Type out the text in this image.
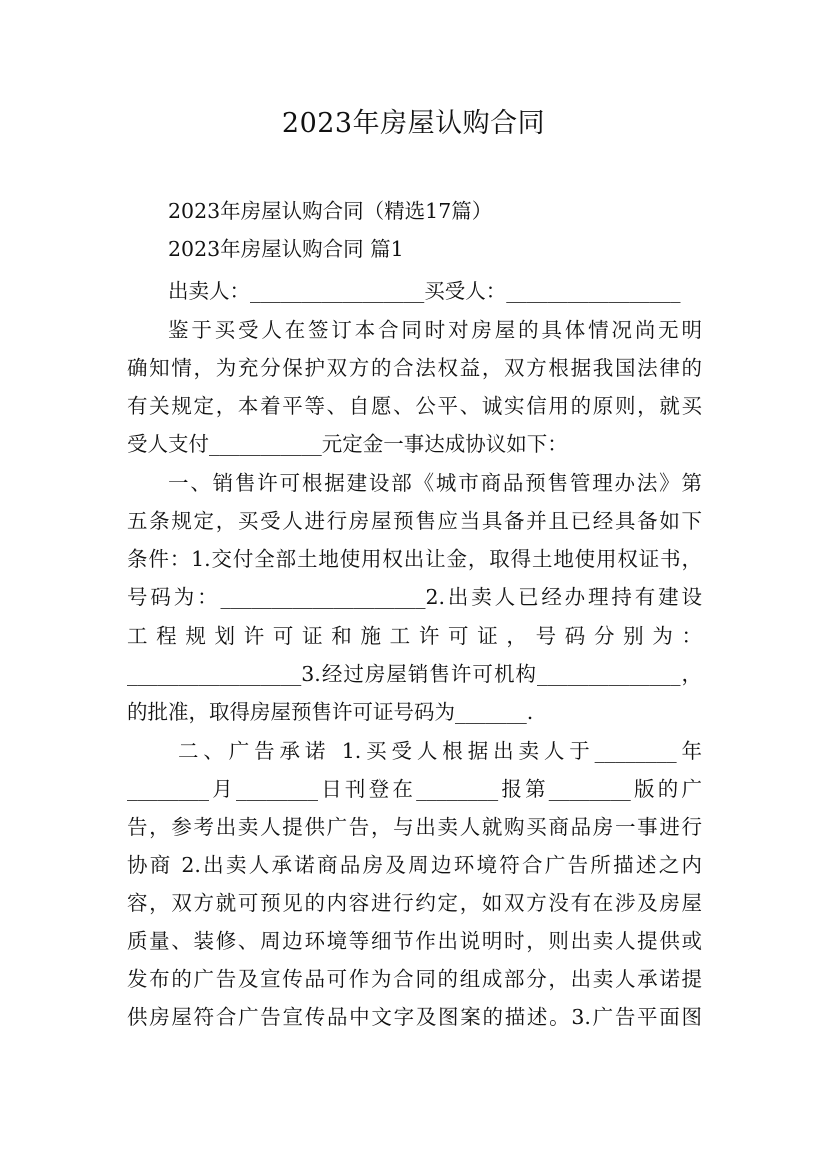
2023年房屋认购合同
2023年房屋认购合同（精选17篇）
2023年房屋认购合同 篇1
出卖人：_________________买受人：_________________
鉴于买受人在签订本合同时对房屋的具体情况尚无明
确知情，为充分保护双方的合法权益，双方根据我国法律的
有关规定，本着平等、自愿、公平、诚实信用的原则，就买
受人支付___________元定金一事达成协议如下：
一、销售许可根据建设部《城市商品预售管理办法》第
五条规定，买受人进行房屋预售应当具备并且已经具备如下
条件：1.交付全部土地使用权出让金，取得土地使用权证书，
号码为：____________________2.出卖人已经办理持有建设
工程规划许可证和施工许可证，号码分别为：
_________________3.经过房屋销售许可机构______________，
的批准，取得房屋预售许可证号码为_______.
二、广告承诺 1.买受人根据出卖人于________年
________月________日刊登在________报第________版的广
告，参考出卖人提供广告，与出卖人就购买商品房一事进行
协商 2.出卖人承诺商品房及周边环境符合广告所描述之内
容，双方就可预见的内容进行约定，如双方没有在涉及房屋
质量、装修、周边环境等细节作出说明时，则出卖人提供或
发布的广告及宣传品可作为合同的组成部分，出卖人承诺提
供房屋符合广告宣传品中文字及图案的描述。3.广告平面图
